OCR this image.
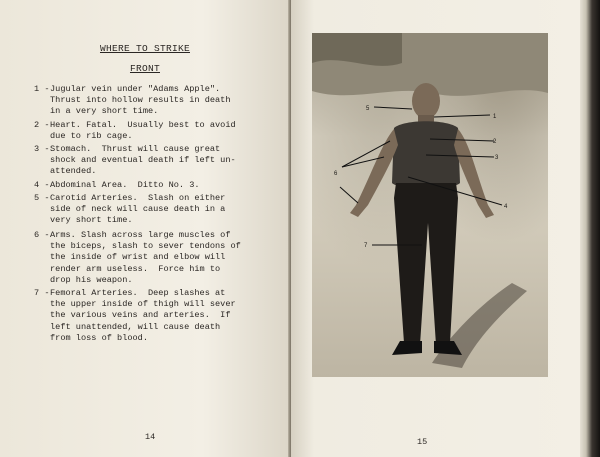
WHERE TO STRIKE
FRONT
1 -Jugular vein under "Adams Apple".
Thrust into hollow results in death
in a very short time.
2 -Heart. Fatal.  Usually best to avoid
due to rib cage.
3 -Stomach.  Thrust will cause great
shock and eventual death if left un-
attended.
4 -Abdominal Area.  Ditto No. 3.
5 -Carotid Arteries.  Slash on either
side of neck will cause death in a
very short time.
6 -Arms. Slash across large muscles of
the biceps, slash to sever tendons of
the inside of wrist and elbow will
render arm useless.  Force him to
drop his weapon.
7 -Femoral Arteries.  Deep slashes at
the upper inside of thigh will sever
the various veins and arteries.  If
left unattended, will cause death
from loss of blood.
14	15
5
2
3
1
6
4
7
